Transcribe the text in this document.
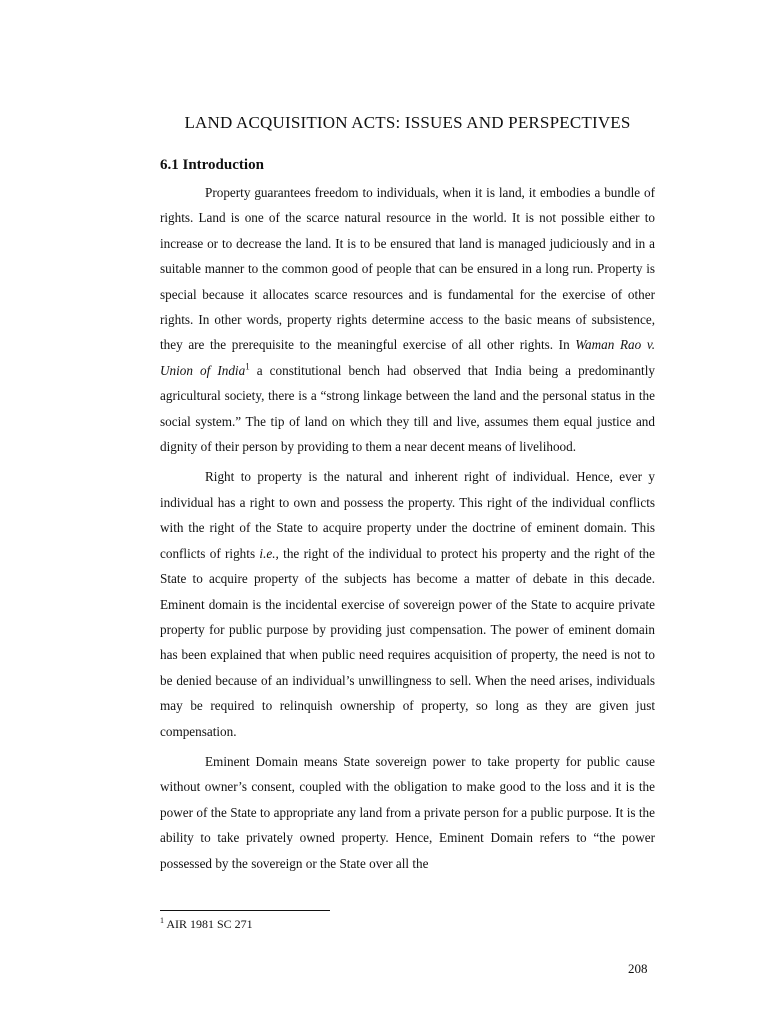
LAND ACQUISITION ACTS: ISSUES AND PERSPECTIVES
6.1 Introduction

Property guarantees freedom to individuals, when it is land, it embodies a bundle of rights. Land is one of the scarce natural resource in the world. It is not possible either to increase or to decrease the land. It is to be ensured that land is managed judiciously and in a suitable manner to the common good of people that can be ensured in a long run. Property is special because it allocates scarce resources and is fundamental for the exercise of other rights. In other words, property rights determine access to the basic means of subsistence, they are the prerequisite to the meaningful exercise of all other rights. In Waman Rao v. Union of India$^1$ a constitutional bench had observed that India being a predominantly agricultural society, there is a “strong linkage between the land and the personal status in the social system.” The tip of land on which they till and live, assumes them equal justice and dignity of their person by providing to them a near decent means of livelihood.

Right to property is the natural and inherent right of individual. Hence, ever y individual has a right to own and possess the property. This right of the individual conflicts with the right of the State to acquire property under the doctrine of eminent domain. This conflicts of rights i.e., the right of the individual to protect his property and the right of the State to acquire property of the subjects has become a matter of debate in this decade. Eminent domain is the incidental exercise of sovereign power of the State to acquire private property for public purpose by providing just compensation. The power of eminent domain has been explained that when public need requires acquisition of property, the need is not to be denied because of an individual’s unwillingness to sell. When the need arises, individuals may be required to relinquish ownership of property, so long as they are given just compensation.

Eminent Domain means State sovereign power to take property for public cause without owner’s consent, coupled with the obligation to make good to the loss and it is the power of the State to appropriate any land from a private person for a public purpose. It is the ability to take privately owned property. Hence, Eminent Domain refers to “the power possessed by the sovereign or the State over all the

$^1$ AIR 1981 SC 271
208
